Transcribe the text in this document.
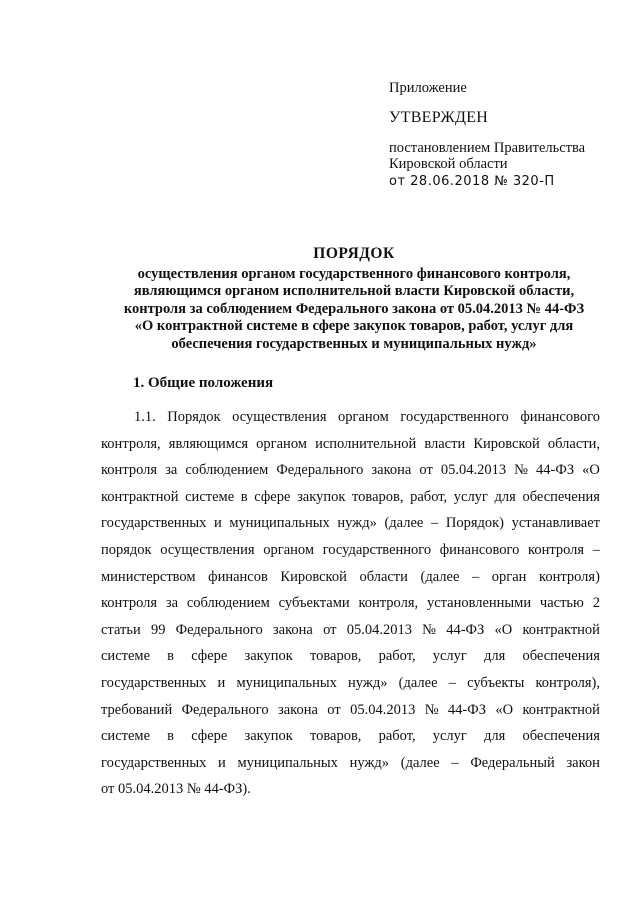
Приложение

УТВЕРЖДЕН

постановлением Правительства
Кировской области
от 28.06.2018 № 320-П

ПОРЯДОК
осуществления органом государственного финансового контроля,
являющимся органом исполнительной власти Кировской области,
контроля за соблюдением Федерального закона от 05.04.2013 № 44-ФЗ
«О контрактной системе в сфере закупок товаров, работ, услуг для
обеспечения государственных и муниципальных нужд»

1. Общие положения

1.1. Порядок осуществления органом государственного финансового
контроля, являющимся органом исполнительной власти Кировской области,
контроля за соблюдением Федерального закона от 05.04.2013 № 44-ФЗ «О
контрактной системе в сфере закупок товаров, работ, услуг для обеспечения
государственных и муниципальных нужд» (далее – Порядок) устанавливает
порядок осуществления органом государственного финансового контроля –
министерством финансов Кировской области (далее – орган контроля)
контроля за соблюдением субъектами контроля, установленными частью 2
статьи 99 Федерального закона от 05.04.2013 № 44-ФЗ «О контрактной
системе в сфере закупок товаров, работ, услуг для обеспечения
государственных и муниципальных нужд» (далее – субъекты контроля),
требований Федерального закона от 05.04.2013 № 44-ФЗ «О контрактной
системе в сфере закупок товаров, работ, услуг для обеспечения
государственных и муниципальных нужд» (далее – Федеральный закон
от 05.04.2013 № 44-ФЗ).
